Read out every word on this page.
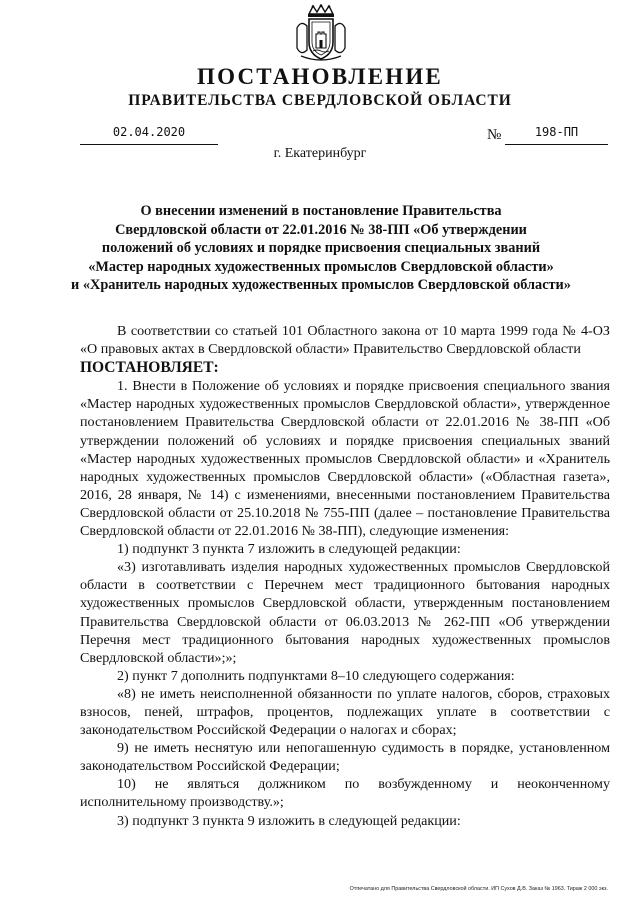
ПОСТАНОВЛЕНИЕ
ПРАВИТЕЛЬСТВА СВЕРДЛОВСКОЙ ОБЛАСТИ
02.04.2020	№	198-ПП
г. Екатеринбург
О внесении изменений в постановление Правительства
Свердловской области от 22.01.2016 № 38-ПП «Об утверждении
положений об условиях и порядке присвоения специальных званий
«Мастер народных художественных промыслов Свердловской области»
и «Хранитель народных художественных промыслов Свердловской области»

В соответствии со статьей 101 Областного закона от 10 марта 1999 года № 4-ОЗ «О правовых актах в Свердловской области» Правительство Свердловской области

ПОСТАНОВЛЯЕТ:

1. Внести в Положение об условиях и порядке присвоения специального звания «Мастер народных художественных промыслов Свердловской области», утвержденное постановлением Правительства Свердловской области от 22.01.2016 № 38-ПП «Об утверждении положений об условиях и порядке присвоения специальных званий «Мастер народных художественных промыслов Свердловской области» и «Хранитель народных художественных промыслов Свердловской области» («Областная газета», 2016, 28 января, № 14) с изменениями, внесенными постановлением Правительства Свердловской области от 25.10.2018 № 755-ПП (далее – постановление Правительства Свердловской области от 22.01.2016 № 38-ПП), следующие изменения:

1) подпункт 3 пункта 7 изложить в следующей редакции:

«3) изготавливать изделия народных художественных промыслов Свердловской области в соответствии с Перечнем мест традиционного бытования народных художественных промыслов Свердловской области, утвержденным постановлением Правительства Свердловской области от 06.03.2013 № 262-ПП «Об утверждении Перечня мест традиционного бытования народных художественных промыслов Свердловской области»;»;

2) пункт 7 дополнить подпунктами 8–10 следующего содержания:

«8) не иметь неисполненной обязанности по уплате налогов, сборов, страховых взносов, пеней, штрафов, процентов, подлежащих уплате в соответствии с законодательством Российской Федерации о налогах и сборах;

9) не иметь неснятую или непогашенную судимость в порядке, установленном законодательством Российской Федерации;

10) не являться должником по возбужденному и неоконченному исполнительному производству.»;

3) подпункт 3 пункта 9 изложить в следующей редакции:

Отпечатано для Правительства Свердловской области. ИП Сухов Д.В. Заказ № 1963. Тираж 2 000 экз.
